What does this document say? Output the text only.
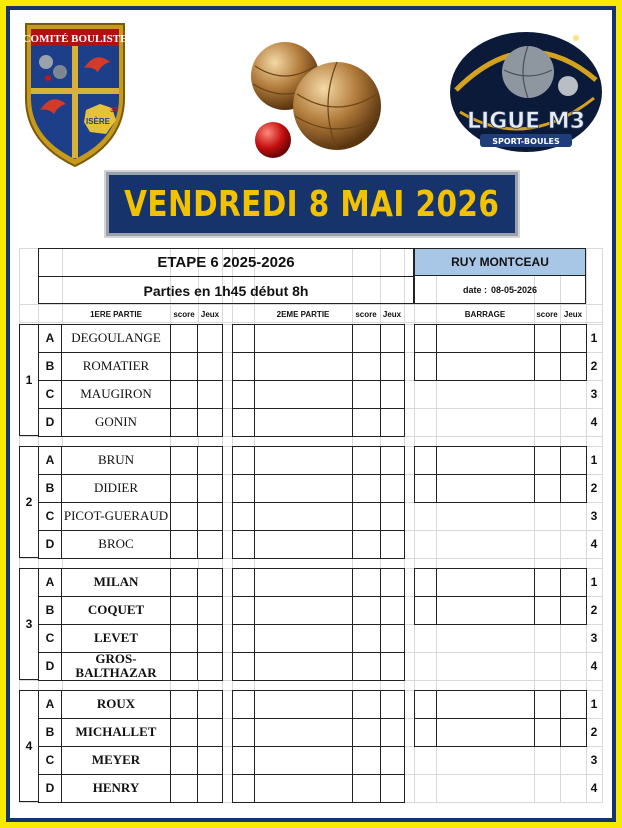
COMITÉ BOULISTE
ISÈRE
38	LIGUE M3
SPORT-BOULES
VENDREDI 8 MAI 2026
ETAPE 6 2025-2026
Parties en 1h45 début 8h
RUY MONTCEAU
date : 08-05-2026
1ERE PARTIE	score Jeux	2EME PARTIE	score Jeux	BARRAGE	score Jeux
1
A	DEGOULANGE	1
B	ROMATIER	2
C	MAUGIRON	3
D	GONIN	4
2
A	BRUN	1
B	DIDIER	2
C PICOT-GUERAUD	3
D	BROC	4
3
A	MILAN	1
B	COQUET	2
C	LEVET	3
D	GROS-
BALTHAZAR	4
4
A	ROUX	1
B	MICHALLET	2
C	MEYER	3
D	HENRY	4
